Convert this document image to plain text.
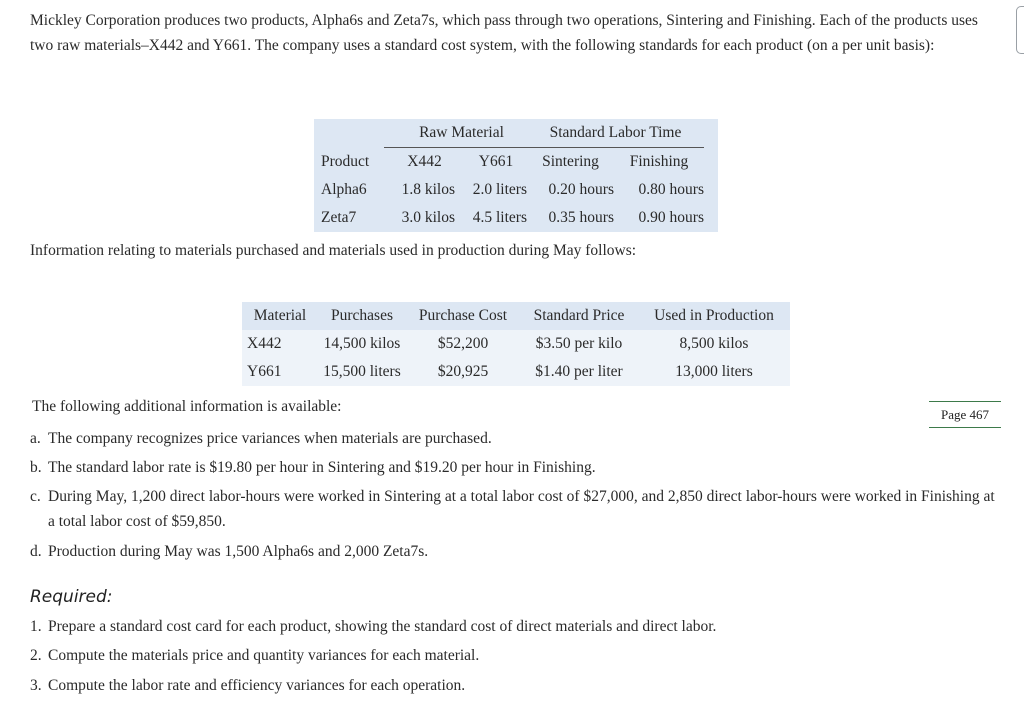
Mickley Corporation produces two products, Alpha6s and Zeta7s, which pass through two operations, Sintering and Finishing. Each of the products uses two raw materials–X442 and Y661. The company uses a standard cost system, with the following standards for each product (on a per unit basis):
	Raw Material		Standard Labor Time		
Product	X442	Y661	Sintering	Finishing	
Alpha6	1.8 kilos	2.0 liters	0.20 hours	0.80 hours	
Zeta7	3.0 kilos	4.5 liters	0.35 hours	0.90 hours	
Information relating to materials purchased and materials used in production during May follows:
Material	Purchases	Purchase Cost	Standard Price	Used in Production
X442	14,500 kilos	$52,200	$3.50 per kilo	8,500 kilos
Y661	15,500 liters	$20,925	$1.40 per liter	13,000 liters
The following additional information is available:	Page 467
a. The company recognizes price variances when materials are purchased.
b. The standard labor rate is $19.80 per hour in Sintering and $19.20 per hour in Finishing.
c. During May, 1,200 direct labor-hours were worked in Sintering at a total labor cost of $27,000, and 2,850 direct labor-hours were worked in Finishing at a total labor cost of $59,850.
d. Production during May was 1,500 Alpha6s and 2,000 Zeta7s.
Required:
1. Prepare a standard cost card for each product, showing the standard cost of direct materials and direct labor.
2. Compute the materials price and quantity variances for each material.
3. Compute the labor rate and efficiency variances for each operation.
